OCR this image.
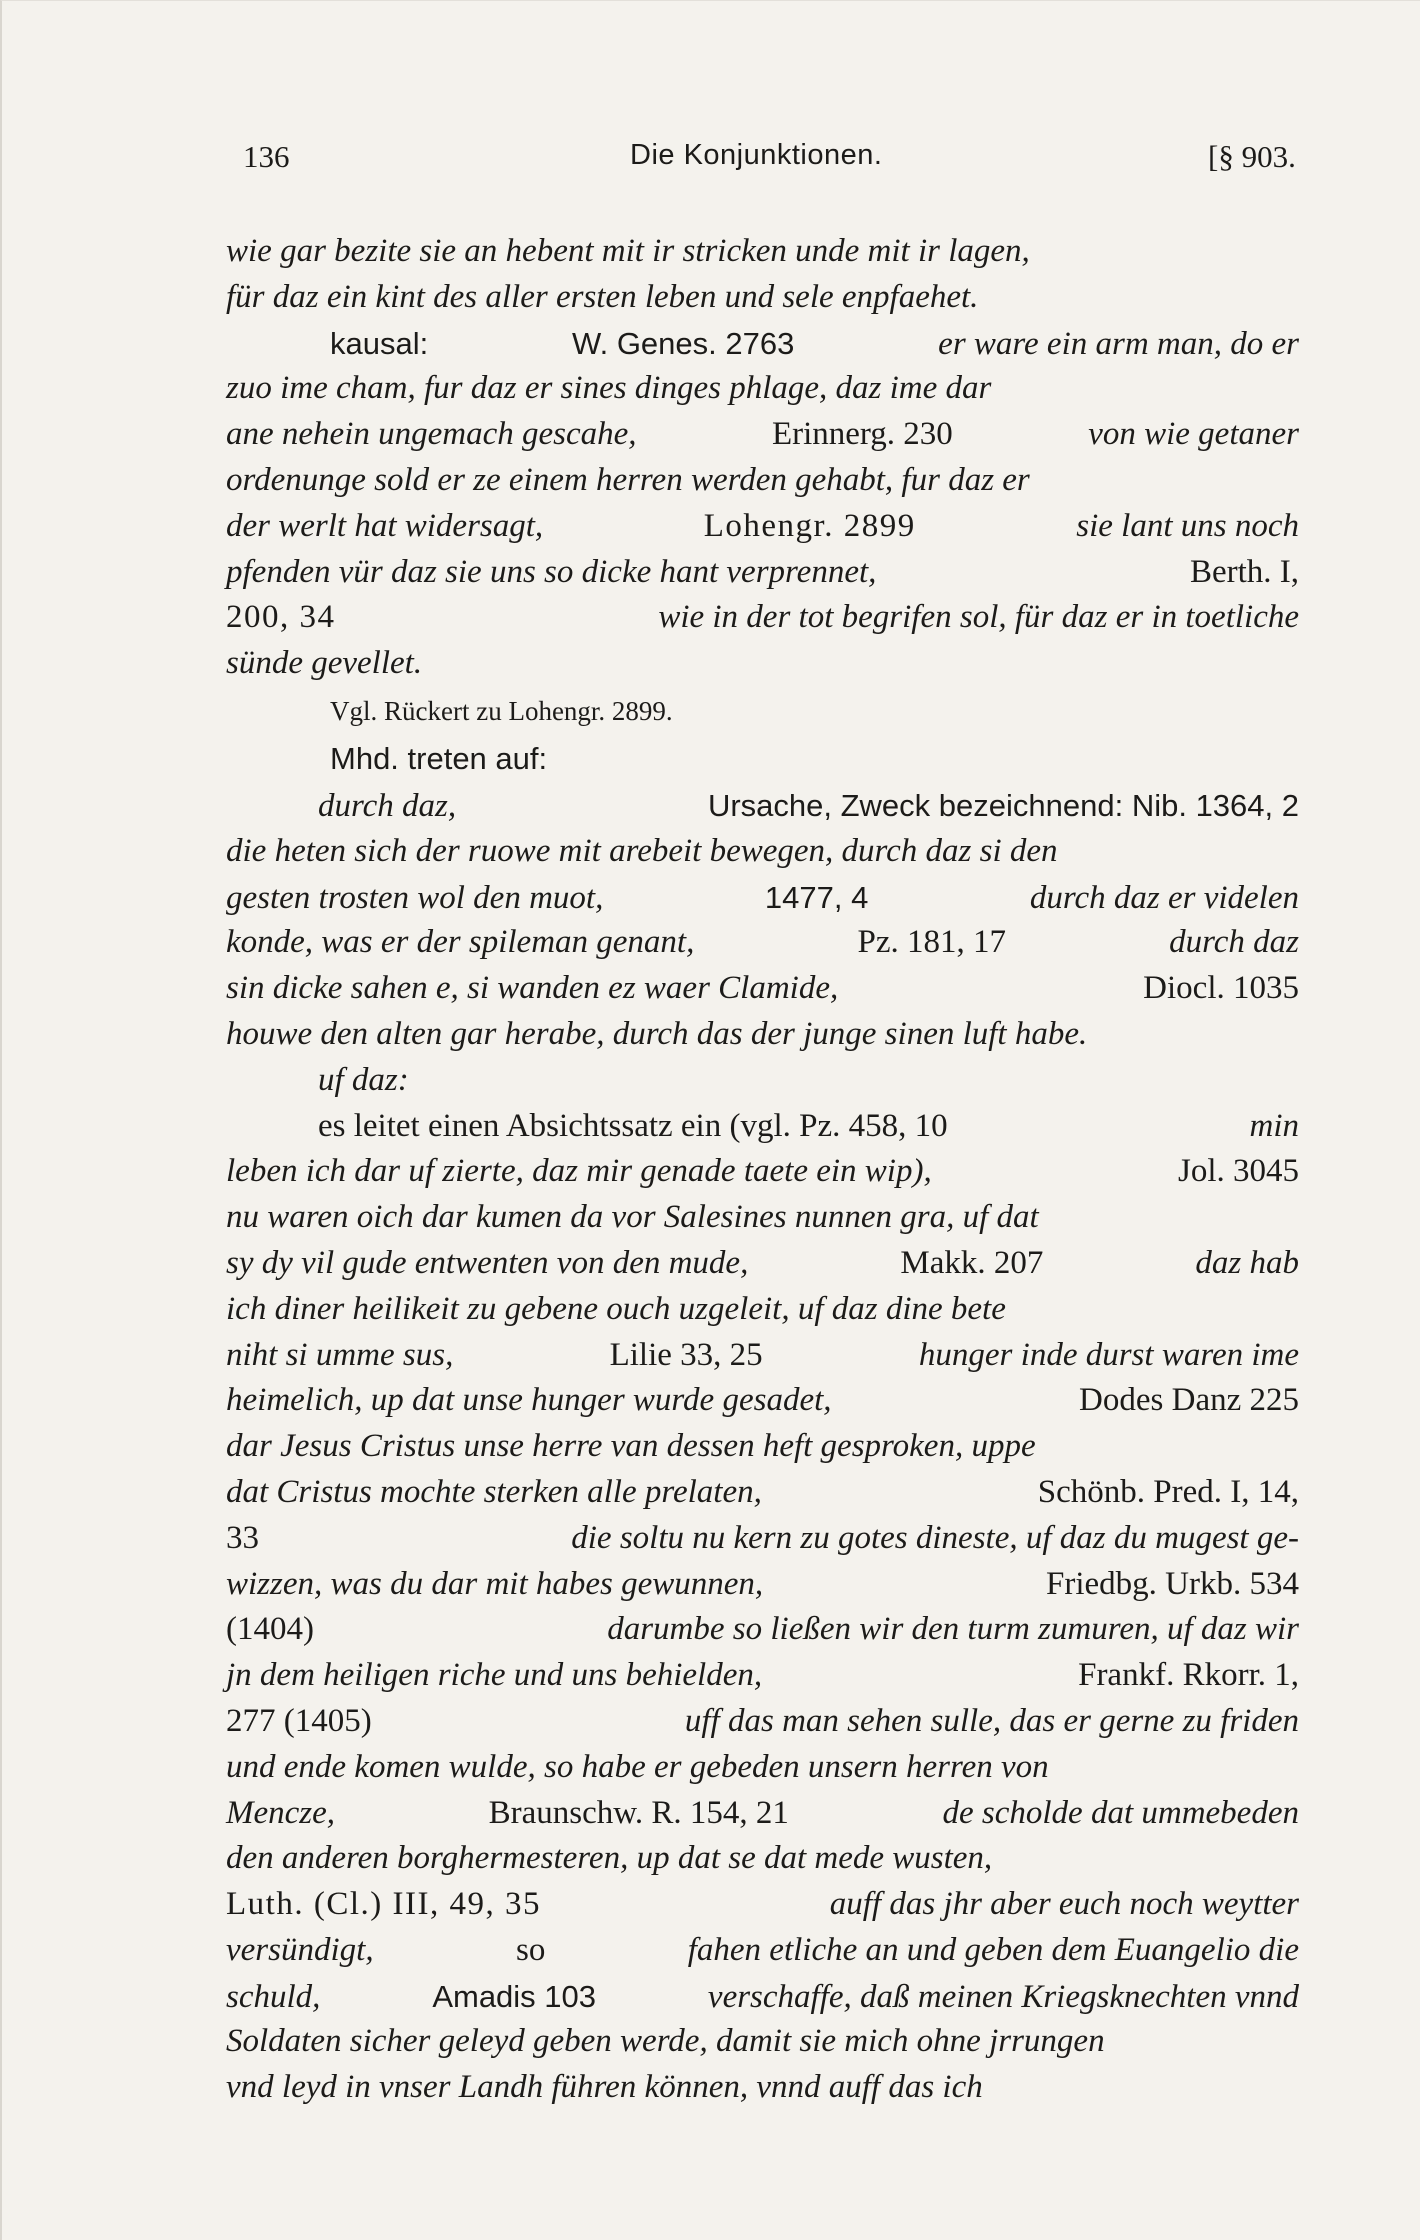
136	Die Konjunktionen.	[§ 903.
wie gar bezite sie an hebent mit ir stricken unde mit ir lagen,
für daz ein kint des aller ersten leben und sele enpfaehet.
kausal:	W. Genes. 2763	er ware ein arm man, do er
zuo ime cham, fur daz er sines dinges phlage, daz ime dar
ane nehein ungemach gescahe,	Erinnerg. 230	von wie getaner
ordenunge sold er ze einem herren werden gehabt, fur daz er
der werlt hat widersagt,	Lohengr. 2899	sie lant uns noch
pfenden vür daz sie uns so dicke hant verprennet,	Berth. I,
200, 34	wie in der tot begrifen sol, für daz er in toetliche
sünde gevellet.
Vgl. Rückert zu Lohengr. 2899.
Mhd. treten auf:
durch daz,	Ursache, Zweck bezeichnend: Nib. 1364, 2
die heten sich der ruowe mit arebeit bewegen, durch daz si den
gesten trosten wol den muot,	1477, 4	durch daz er videlen
konde, was er der spileman genant,	Pz. 181, 17	durch daz
sin dicke sahen e, si wanden ez waer Clamide,	Diocl. 1035
houwe den alten gar herabe, durch das der junge sinen luft habe.
uf daz:
es leitet einen Absichtssatz ein (vgl. Pz. 458, 10	min
leben ich dar uf zierte, daz mir genade taete ein wip),	Jol. 3045
nu waren oich dar kumen da vor Salesines nunnen gra, uf dat
sy dy vil gude entwenten von den mude,	Makk. 207	daz hab
ich diner heilikeit zu gebene ouch uzgeleit, uf daz dine bete
niht si umme sus,	Lilie 33, 25	hunger inde durst waren ime
heimelich, up dat unse hunger wurde gesadet,	Dodes Danz 225
dar Jesus Cristus unse herre van dessen heft gesproken, uppe
dat Cristus mochte sterken alle prelaten,	Schönb. Pred. I, 14,
33	die soltu nu kern zu gotes dineste, uf daz du mugest ge-
wizzen, was du dar mit habes gewunnen,	Friedbg. Urkb. 534
(1404)	darumbe so ließen wir den turm zumuren, uf daz wir
jn dem heiligen riche und uns behielden,	Frankf. Rkorr. 1,
277 (1405)	uff das man sehen sulle, das er gerne zu friden
und ende komen wulde, so habe er gebeden unsern herren von
Mencze,	Braunschw. R. 154, 21	de scholde dat ummebeden
den anderen borghermesteren, up dat se dat mede wusten,
Luth. (Cl.) III, 49, 35	auff das jhr aber euch noch weytter
versündigt,	so	fahen etliche an und geben dem Euangelio die
schuld,	Amadis 103	verschaffe, daß meinen Kriegsknechten vnnd
Soldaten sicher geleyd geben werde, damit sie mich ohne jrrungen
vnd leyd in vnser Landh führen können, vnnd auff das ich
